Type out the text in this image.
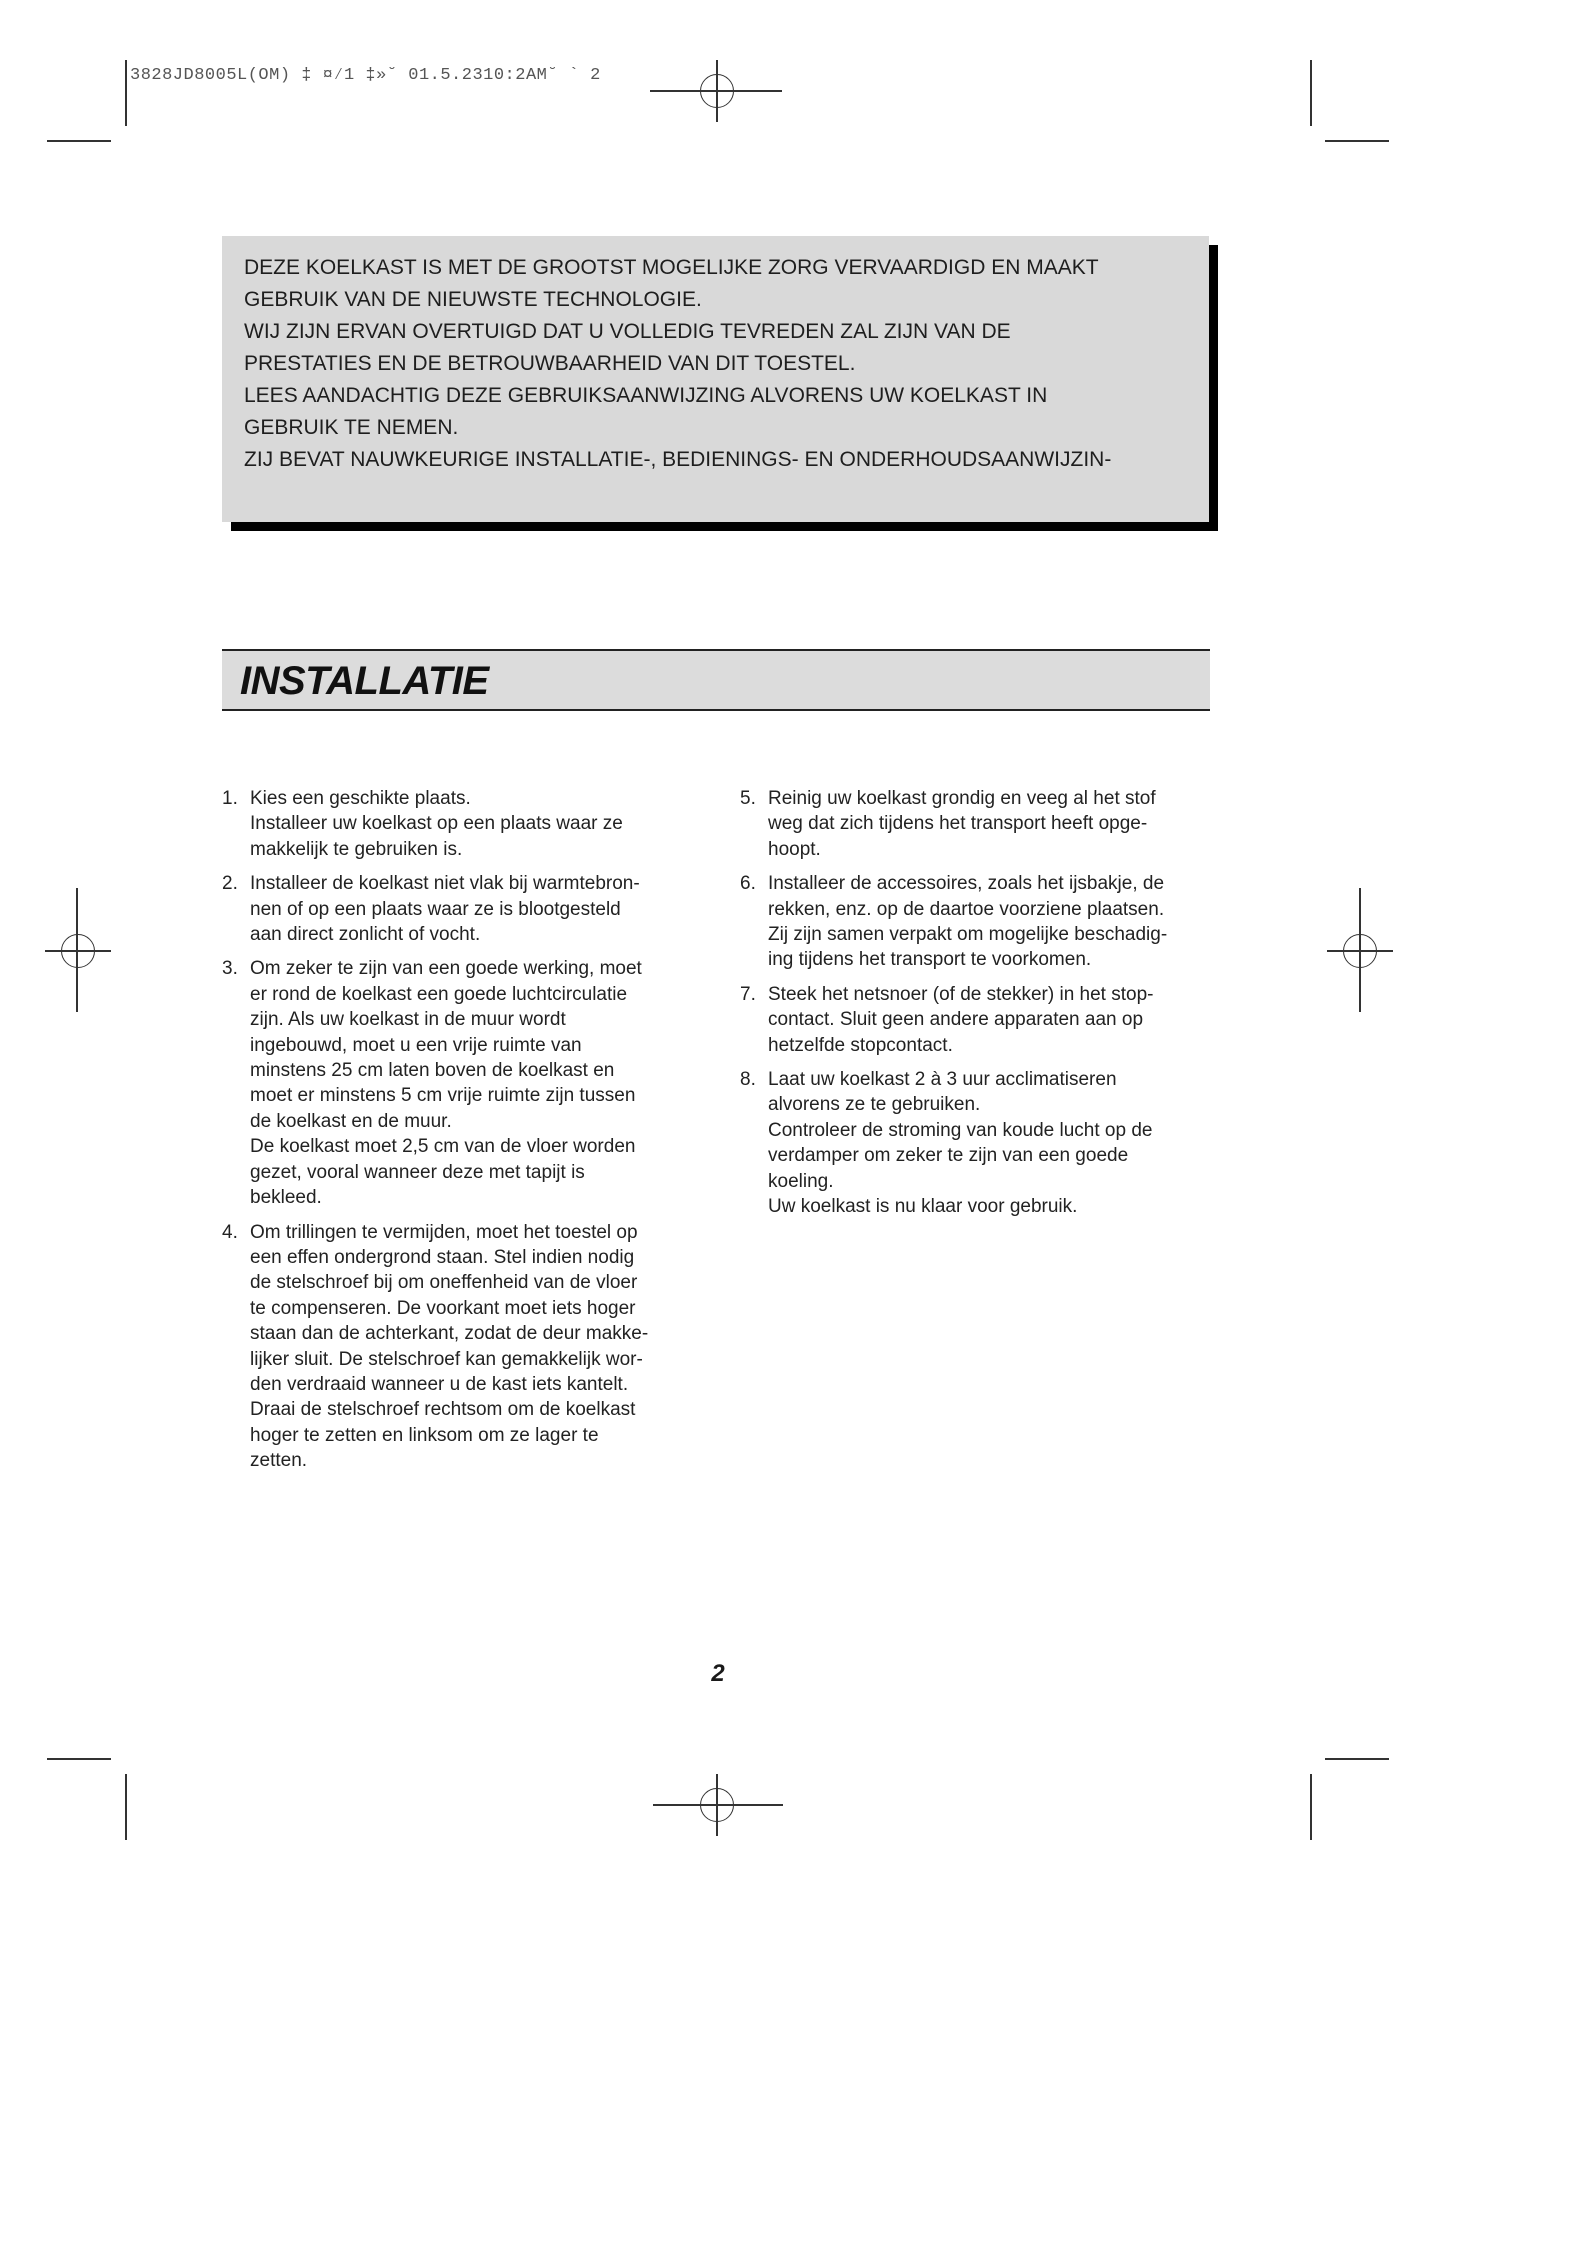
3828JD8005L(OM) ‡ ¤⁄1 ‡»˘ 01.5.2310:2AM˘ ` 2
DEZE KOELKAST IS MET DE GROOTST MOGELIJKE ZORG VERVAARDIGD EN MAAKT
GEBRUIK VAN DE NIEUWSTE TECHNOLOGIE.
WIJ ZIJN ERVAN OVERTUIGD DAT U VOLLEDIG TEVREDEN ZAL ZIJN VAN DE
PRESTATIES EN DE BETROUWBAARHEID VAN DIT TOESTEL.
LEES AANDACHTIG DEZE GEBRUIKSAANWIJZING ALVORENS UW KOELKAST IN
GEBRUIK TE NEMEN.
ZIJ BEVAT NAUWKEURIGE INSTALLATIE-, BEDIENINGS- EN ONDERHOUDSAANWIJZIN-
INSTALLATIE
1. Kies een geschikte plaats.
Installeer uw koelkast op een plaats waar ze
makkelijk te gebruiken is.
2. Installeer de koelkast niet vlak bij warmtebron-
nen of op een plaats waar ze is blootgesteld
aan direct zonlicht of vocht.
3. Om zeker te zijn van een goede werking, moet
er rond de koelkast een goede luchtcirculatie
zijn. Als uw koelkast in de muur wordt
ingebouwd, moet u een vrije ruimte van
minstens 25 cm laten boven de koelkast en
moet er minstens 5 cm vrije ruimte zijn tussen
de koelkast en de muur.
De koelkast moet 2,5 cm van de vloer worden
gezet, vooral wanneer deze met tapijt is
bekleed.
4. Om trillingen te vermijden, moet het toestel op
een effen ondergrond staan. Stel indien nodig
de stelschroef bij om oneffenheid van de vloer
te compenseren. De voorkant moet iets hoger
staan dan de achterkant, zodat de deur makke-
lijker sluit. De stelschroef kan gemakkelijk wor-
den verdraaid wanneer u de kast iets kantelt.
Draai de stelschroef rechtsom om de koelkast
hoger te zetten en linksom om ze lager te
zetten.
5. Reinig uw koelkast grondig en veeg al het stof
weg dat zich tijdens het transport heeft opge-
hoopt.
6. Installeer de accessoires, zoals het ijsbakje, de
rekken, enz. op de daartoe voorziene plaatsen.
Zij zijn samen verpakt om mogelijke beschadig-
ing tijdens het transport te voorkomen.
7. Steek het netsnoer (of de stekker) in het stop-
contact. Sluit geen andere apparaten aan op
hetzelfde stopcontact.
8. Laat uw koelkast 2 à 3 uur acclimatiseren
alvorens ze te gebruiken.
Controleer de stroming van koude lucht op de
verdamper om zeker te zijn van een goede
koeling.
Uw koelkast is nu klaar voor gebruik.
2
